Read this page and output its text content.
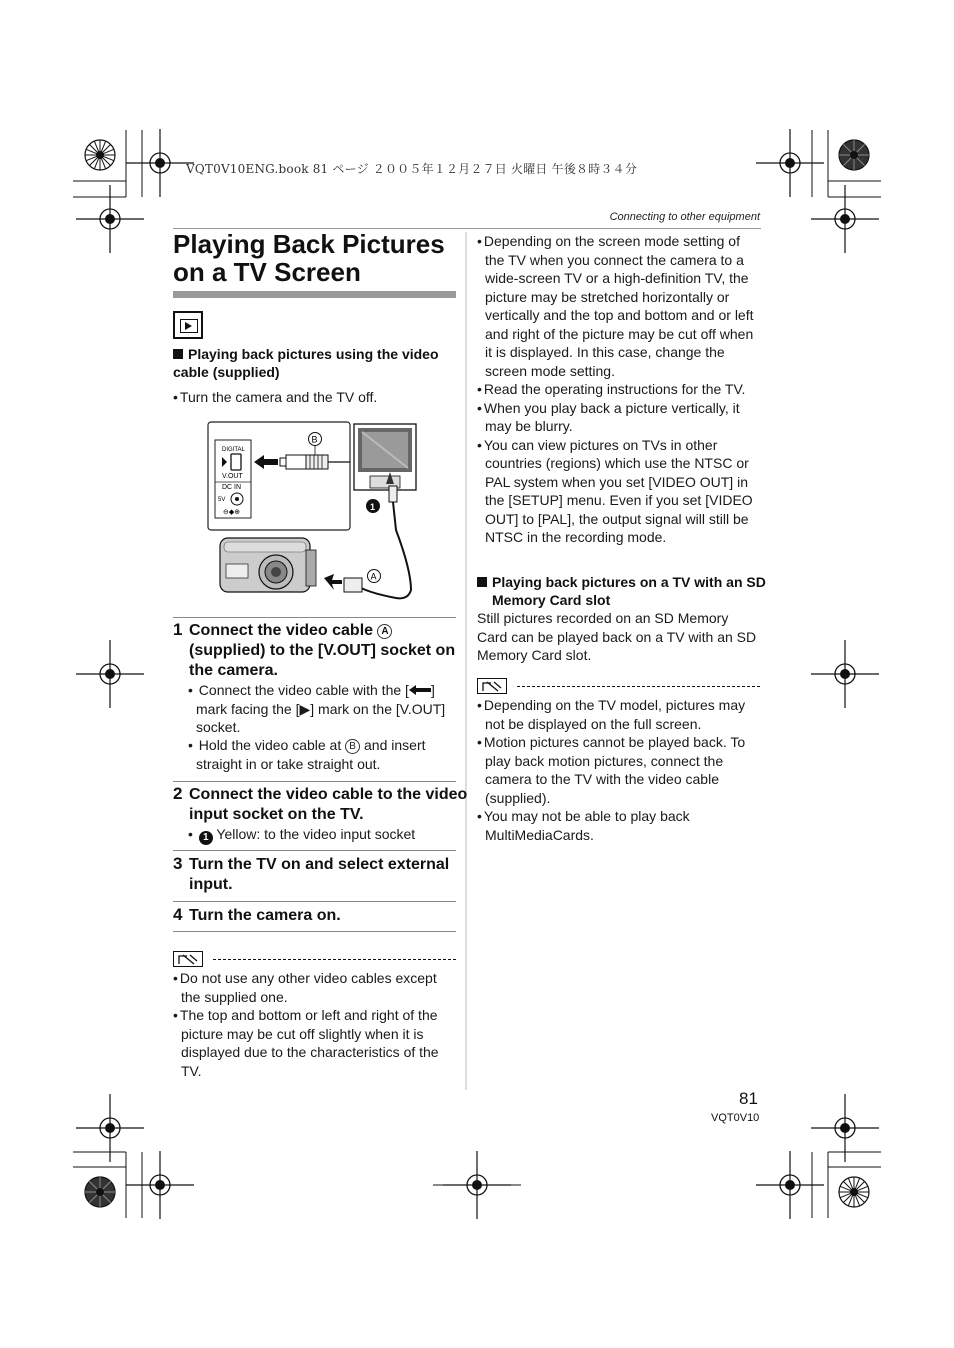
VQT0V10ENG.book 81 ページ ２００５年１２月２７日 火曜日 午後８時３４分
Connecting to other equipment
Playing Back Pictures
on a TV Screen
Playing back pictures using the video cable (supplied)
• Turn the camera and the TV off.
DIGITAL
V.OUT
DC IN
5V
⊖◆⊕
B
1
A
1 Connect the video cable A (supplied) to the [V.OUT] socket on the camera.
• Connect the video cable with the [ ] mark facing the [▶] mark on the [V.OUT] socket.
• Hold the video cable at B and insert straight in or take straight out.
2 Connect the video cable to the video input socket on the TV.
• 1 Yellow: to the video input socket
3 Turn the TV on and select external input.
4 Turn the camera on.
• Do not use any other video cables except the supplied one.
• The top and bottom or left and right of the picture may be cut off slightly when it is displayed due to the characteristics of the TV.
• Depending on the screen mode setting of the TV when you connect the camera to a wide-screen TV or a high-definition TV, the picture may be stretched horizontally or vertically and the top and bottom and or left and right of the picture may be cut off when it is displayed. In this case, change the screen mode setting.
• Read the operating instructions for the TV.
• When you play back a picture vertically, it may be blurry.
• You can view pictures on TVs in other countries (regions) which use the NTSC or PAL system when you set [VIDEO OUT] in the [SETUP] menu. Even if you set [VIDEO OUT] to [PAL], the output signal will still be NTSC in the recording mode.
Playing back pictures on a TV with an SD Memory Card slot
Still pictures recorded on an SD Memory Card can be played back on a TV with an SD Memory Card slot.
• Depending on the TV model, pictures may not be displayed on the full screen.
• Motion pictures cannot be played back. To play back motion pictures, connect the camera to the TV with the video cable (supplied).
• You may not be able to play back MultiMediaCards.
81
VQT0V10
